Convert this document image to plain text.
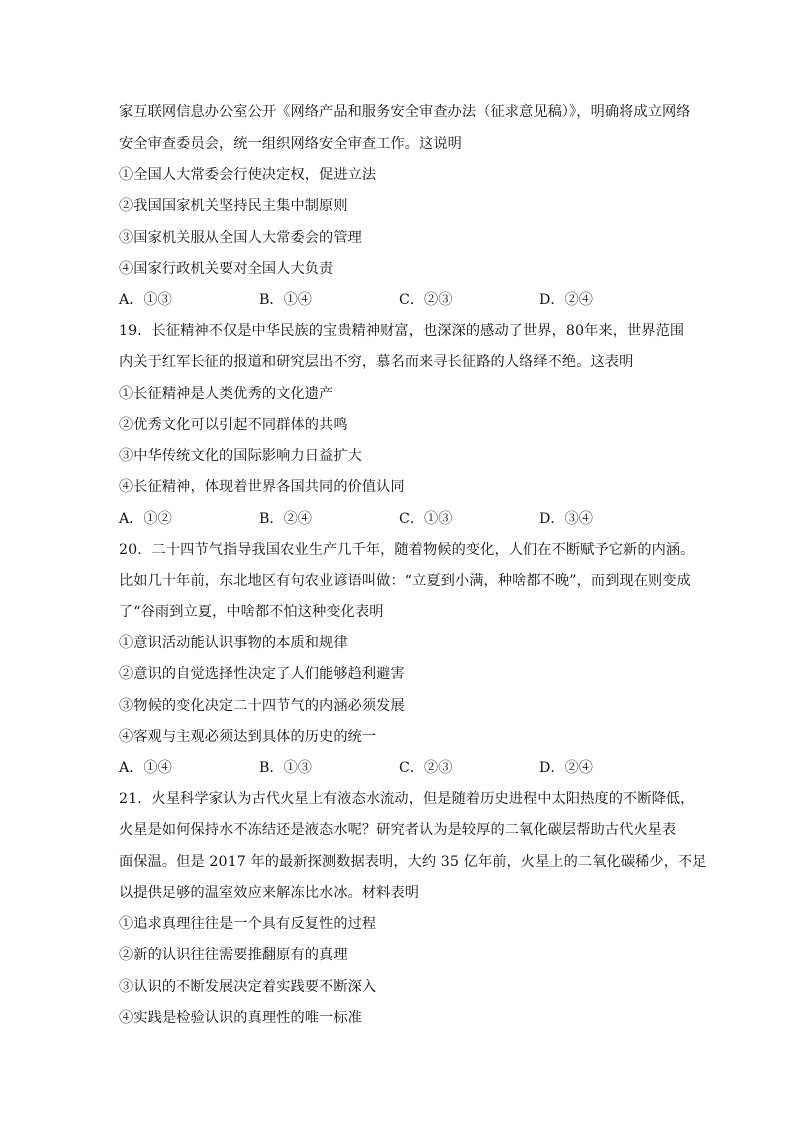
家互联网信息办公室公开《网络产品和服务安全审查办法（征求意见稿）》，明确将成立网络
安全审查委员会，统一组织网络安全审查工作。这说明
①全国人大常委会行使决定权，促进立法
②我国国家机关坚持民主集中制原则
③国家机关服从全国人大常委会的管理
④国家行政机关要对全国人大负责
A．①③	B．①④	C．②③	D．②④
19．长征精神不仅是中华民族的宝贵精神财富，也深深的感动了世界，80年来，世界范围
内关于红军长征的报道和研究层出不穷，慕名而来寻长征路的人络绎不绝。这表明
①长征精神是人类优秀的文化遗产
②优秀文化可以引起不同群体的共鸣
③中华传统文化的国际影响力日益扩大
④长征精神，体现着世界各国共同的价值认同
A．①②	B．②④	C．①③	D．③④
20．二十四节气指导我国农业生产几千年，随着物候的变化，人们在不断赋予它新的内涵。
比如几十年前，东北地区有句农业谚语叫做：“立夏到小满，种啥都不晚”，而到现在则变成
了“谷雨到立夏，中啥都不怕这种变化表明
①意识活动能认识事物的本质和规律
②意识的自觉选择性决定了人们能够趋利避害
③物候的变化决定二十四节气的内涵必须发展
④客观与主观必须达到具体的历史的统一
A．①④	B．①③	C．②③	D．②④
21．火星科学家认为古代火星上有液态水流动，但是随着历史进程中太阳热度的不断降低，
火星是如何保持水不冻结还是液态水呢？研究者认为是较厚的二氧化碳层帮助古代火星表
面保温。但是 2017 年的最新探测数据表明，大约 35 亿年前，火星上的二氧化碳稀少，不足
以提供足够的温室效应来解冻比水冰。材料表明
①追求真理往往是一个具有反复性的过程
②新的认识往往需要推翻原有的真理
③认识的不断发展决定着实践要不断深入
④实践是检验认识的真理性的唯一标准
